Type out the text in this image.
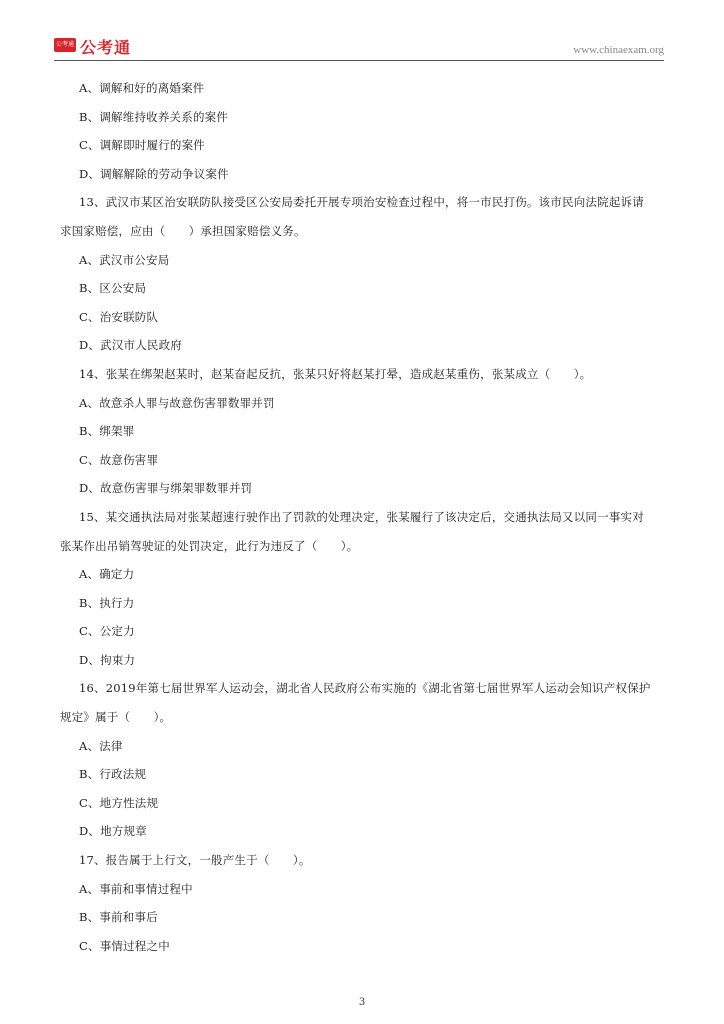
公考通 公考通	www.chinaexam.org
A、调解和好的离婚案件
B、调解维持收养关系的案件
C、调解即时履行的案件
D、调解解除的劳动争议案件
13、武汉市某区治安联防队接受区公安局委托开展专项治安检查过程中，将一市民打伤。该市民向法院起诉请
求国家赔偿，应由（　　）承担国家赔偿义务。
A、武汉市公安局
B、区公安局
C、治安联防队
D、武汉市人民政府
14、张某在绑架赵某时，赵某奋起反抗，张某只好将赵某打晕，造成赵某重伤，张某成立（　　）。
A、故意杀人罪与故意伤害罪数罪并罚
B、绑架罪
C、故意伤害罪
D、故意伤害罪与绑架罪数罪并罚
15、某交通执法局对张某超速行驶作出了罚款的处理决定，张某履行了该决定后，交通执法局又以同一事实对
张某作出吊销驾驶证的处罚决定，此行为违反了（　　）。
A、确定力
B、执行力
C、公定力
D、拘束力
16、2019年第七届世界军人运动会，湖北省人民政府公布实施的《湖北省第七届世界军人运动会知识产权保护
规定》属于（　　）。
A、法律
B、行政法规
C、地方性法规
D、地方规章
17、报告属于上行文，一般产生于（　　）。
A、事前和事情过程中
B、事前和事后
C、事情过程之中
3
